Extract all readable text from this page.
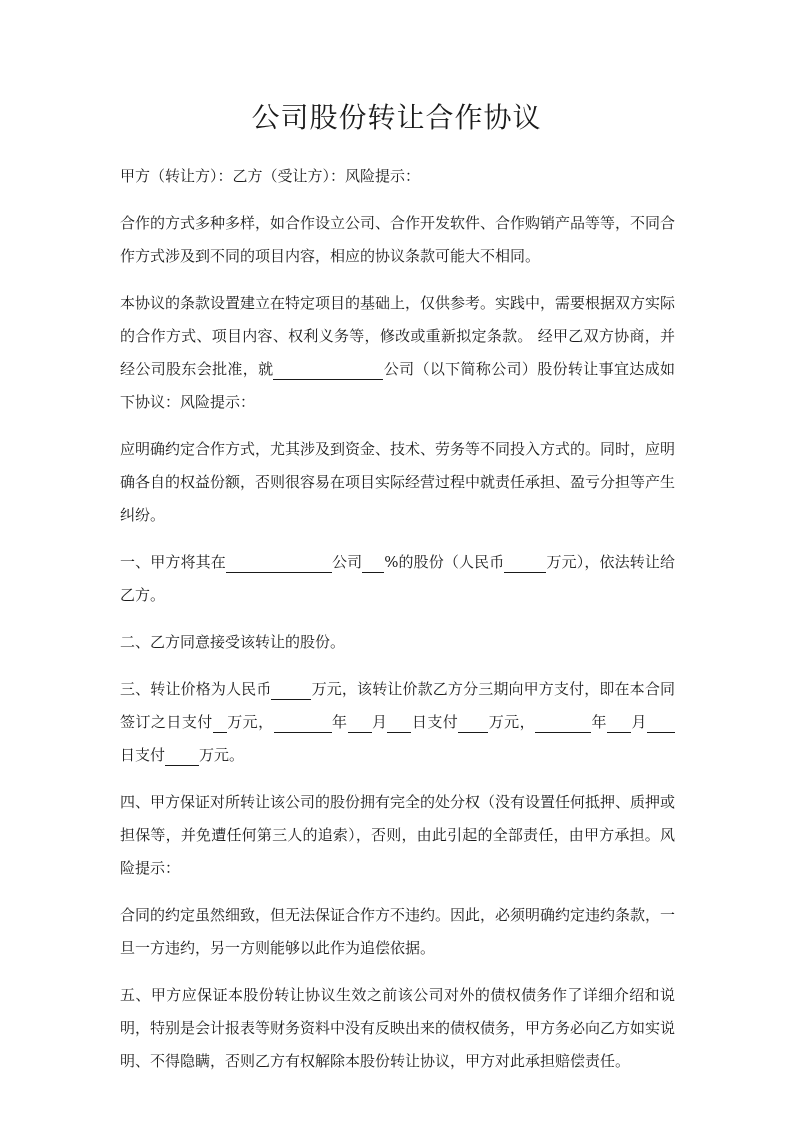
公司股份转让合作协议

甲方（转让方）：乙方（受让方）：风险提示：

合作的方式多种多样，如合作设立公司、合作开发软件、合作购销产品等等，不同合作方式涉及到不同的项目内容，相应的协议条款可能大不相同。

本协议的条款设置建立在特定项目的基础上，仅供参考。实践中，需要根据双方实际的合作方式、项目内容、权利义务等，修改或重新拟定条款。 经甲乙双方协商，并经公司股东会批准，就	公司（以下简称公司）股份转让事宜达成如下协议：风险提示：

应明确约定合作方式，尤其涉及到资金、技术、劳务等不同投入方式的。同时，应明确各自的权益份额，否则很容易在项目实际经营过程中就责任承担、盈亏分担等产生纠纷。

一、甲方将其在	公司 %的股份（人民币	万元），依法转让给乙方。

二、乙方同意接受该转让的股份。

三、转让价格为人民币	万元，该转让价款乙方分三期向甲方支付，即在本合同签订之日支付 万元，	年 月 日支付 万元，	年 月日支付 万元。

四、甲方保证对所转让该公司的股份拥有完全的处分权（没有设置任何抵押、质押或担保等，并免遭任何第三人的追索），否则，由此引起的全部责任，由甲方承担。风险提示：

合同的约定虽然细致，但无法保证合作方不违约。因此，必须明确约定违约条款，一旦一方违约，另一方则能够以此作为追偿依据。

五、甲方应保证本股份转让协议生效之前该公司对外的债权债务作了详细介绍和说明，特别是会计报表等财务资料中没有反映出来的债权债务，甲方务必向乙方如实说明、不得隐瞒，否则乙方有权解除本股份转让协议，甲方对此承担赔偿责任。
